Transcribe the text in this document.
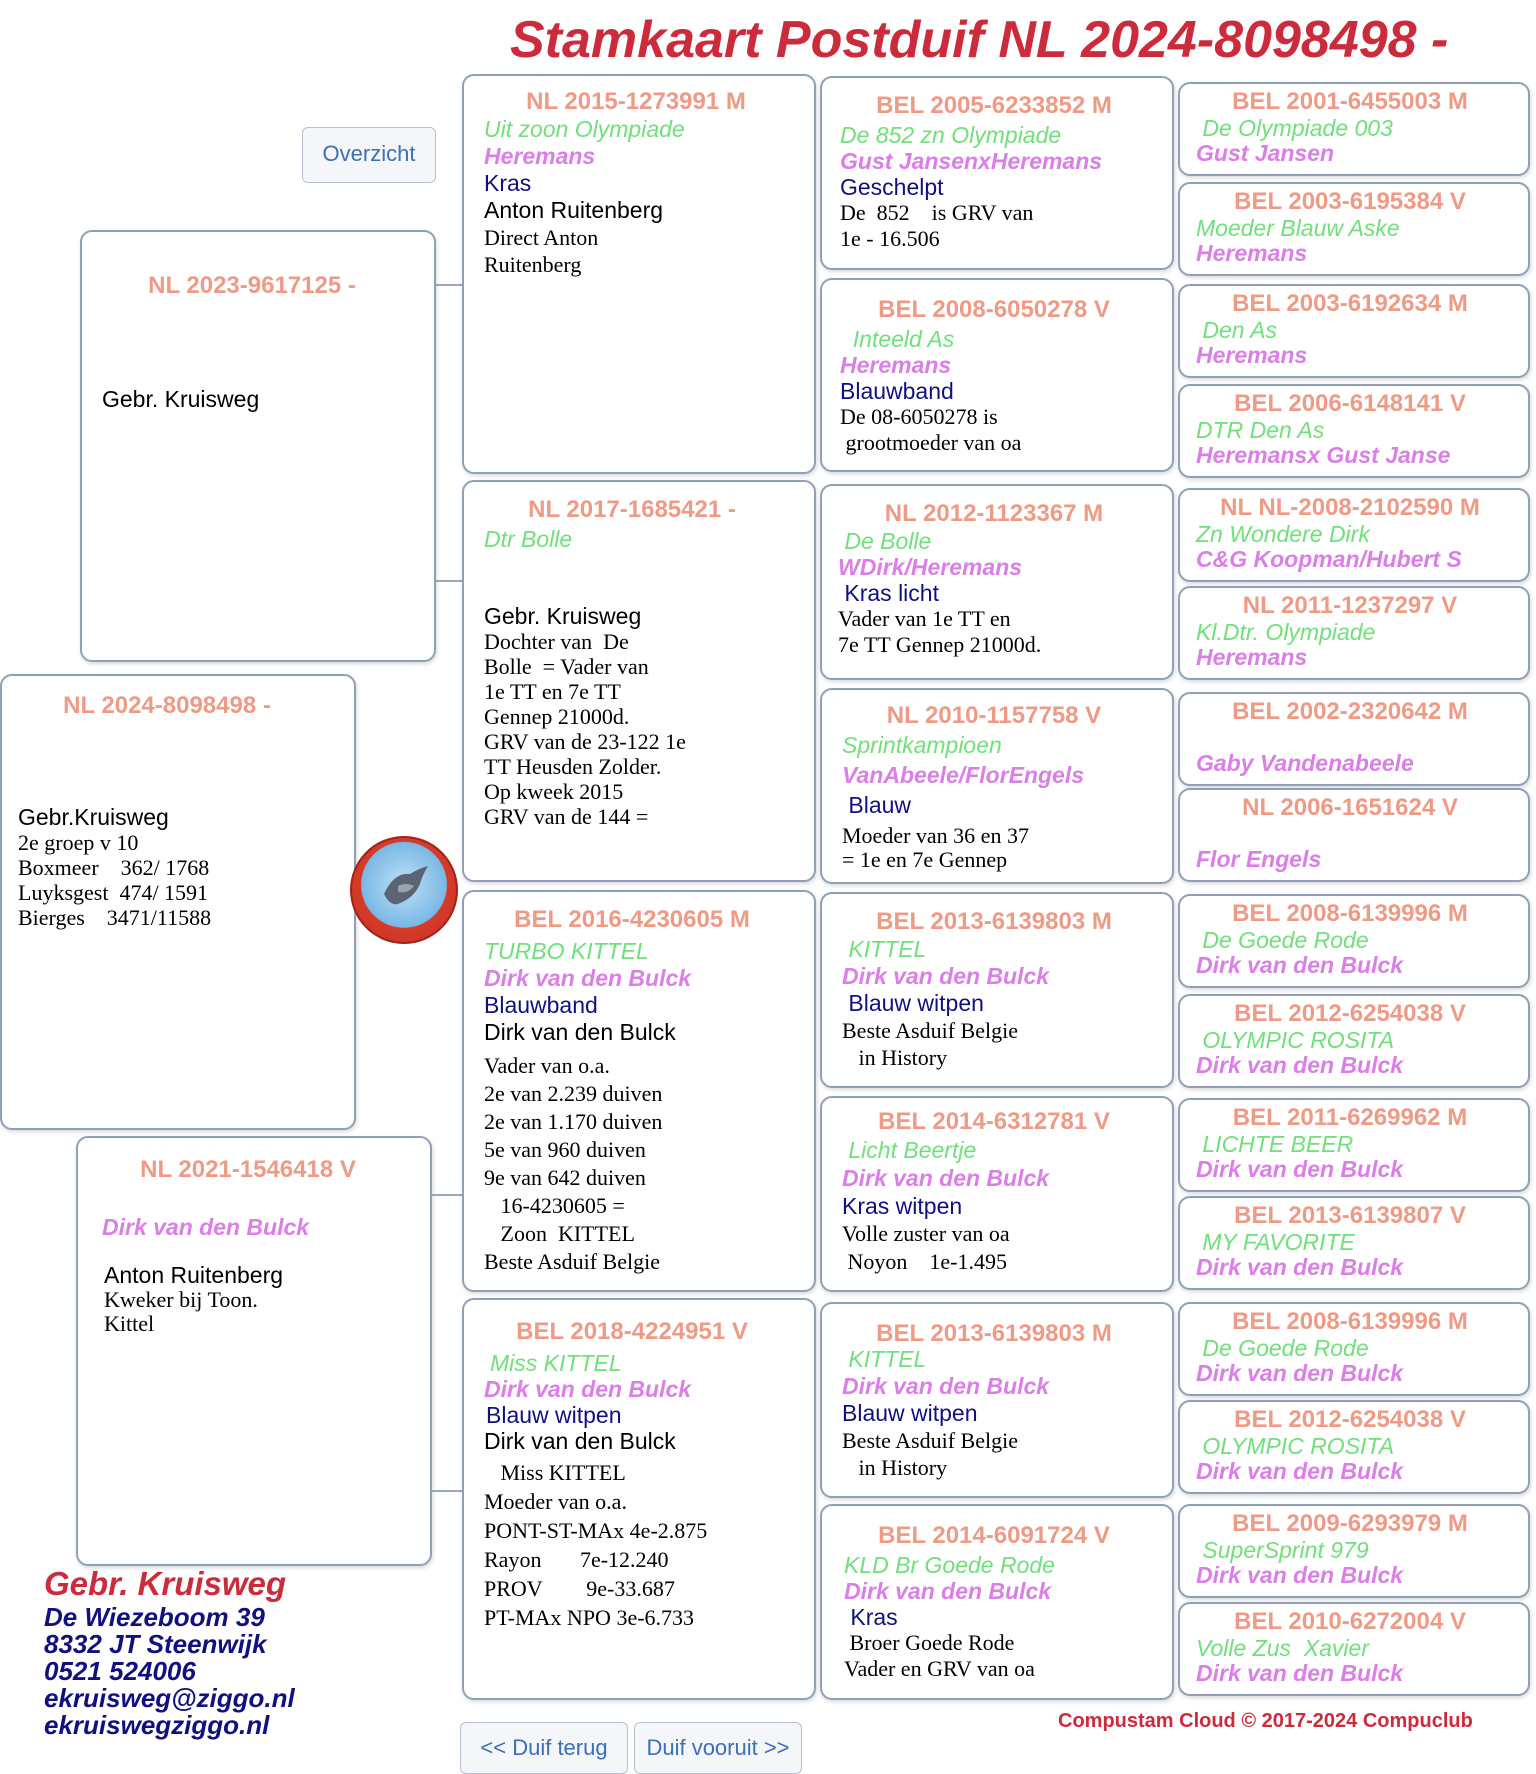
Stamkaart Postduif NL 2024-8098498 -
Overzicht
NL 2024-8098498 -
Gebr.Kruisweg
2e groep v 10
Boxmeer    362/ 1768
Luyksgest  474/ 1591
Bierges    3471/11588
NL 2023-9617125 -
Gebr. Kruisweg
NL 2021-1546418 V
Dirk van den Bulck
Anton Ruitenberg
Kweker bij Toon.
Kittel
NL 2015-1273991 M
Uit zoon Olympiade
Heremans
Kras
Anton Ruitenberg
Direct Anton
Ruitenberg
NL 2017-1685421 -
Dtr Bolle
Gebr. Kruisweg
Dochter van  De
Bolle  = Vader van
1e TT en 7e TT
Gennep 21000d.
GRV van de 23-122 1e
TT Heusden Zolder.
Op kweek 2015
GRV van de 144 =
BEL 2016-4230605 M
TURBO KITTEL
Dirk van den Bulck
Blauwband
Dirk van den Bulck
Vader van o.a.
2e van 2.239 duiven
2e van 1.170 duiven
5e van 960 duiven
9e van 642 duiven
16-4230605 =
Zoon  KITTEL
Beste Asduif Belgie
BEL 2018-4224951 V
Miss KITTEL
Dirk van den Bulck
Blauw witpen
Dirk van den Bulck
Miss KITTEL
Moeder van o.a.
PONT-ST-MAx 4e-2.875
Rayon       7e-12.240
PROV        9e-33.687
PT-MAx NPO 3e-6.733
BEL 2005-6233852 M
De 852 zn Olympiade
Gust JansenxHeremans
Geschelpt
De  852    is GRV van
1e - 16.506
BEL 2008-6050278 V
Inteeld As
Heremans
Blauwband
De 08-6050278 is
grootmoeder van oa
NL 2012-1123367 M
De Bolle
WDirk/Heremans
Kras licht
Vader van 1e TT en
7e TT Gennep 21000d.
NL 2010-1157758 V
Sprintkampioen
VanAbeele/FlorEngels
Blauw
Moeder van 36 en 37
= 1e en 7e Gennep
BEL 2013-6139803 M
KITTEL
Dirk van den Bulck
Blauw witpen
Beste Asduif Belgie
in History
BEL 2014-6312781 V
Licht Beertje
Dirk van den Bulck
Kras witpen
Volle zuster van oa
Noyon    1e-1.495
BEL 2013-6139803 M
KITTEL
Dirk van den Bulck
Blauw witpen
Beste Asduif Belgie
in History
BEL 2014-6091724 V
KLD Br Goede Rode
Dirk van den Bulck
Kras
Broer Goede Rode
Vader en GRV van oa
BEL 2001-6455003 M
De Olympiade 003
Gust Jansen
BEL 2003-6195384 V
Moeder Blauw Aske
Heremans
BEL 2003-6192634 M
Den As
Heremans
BEL 2006-6148141 V
DTR Den As
Heremansx Gust Janse
NL NL-2008-2102590 M
Zn Wondere Dirk
C&G Koopman/Hubert S
NL 2011-1237297 V
Kl.Dtr. Olympiade
Heremans
BEL 2002-2320642 M
Gaby Vandenabeele
NL 2006-1651624 V
Flor Engels
BEL 2008-6139996 M
De Goede Rode
Dirk van den Bulck
BEL 2012-6254038 V
OLYMPIC ROSITA
Dirk van den Bulck
BEL 2011-6269962 M
LICHTE BEER
Dirk van den Bulck
BEL 2013-6139807 V
MY FAVORITE
Dirk van den Bulck
BEL 2008-6139996 M
De Goede Rode
Dirk van den Bulck
BEL 2012-6254038 V
OLYMPIC ROSITA
Dirk van den Bulck
BEL 2009-6293979 M
SuperSprint 979
Dirk van den Bulck
BEL 2010-6272004 V
Volle Zus  Xavier
Dirk van den Bulck
<< Duif terug	Duif vooruit >>
Gebr. Kruisweg
De Wiezeboom 39
8332 JT Steenwijk
0521 524006
ekruisweg@ziggo.nl
ekruiswegziggo.nl	Compustam Cloud © 2017-2024 Compuclub
